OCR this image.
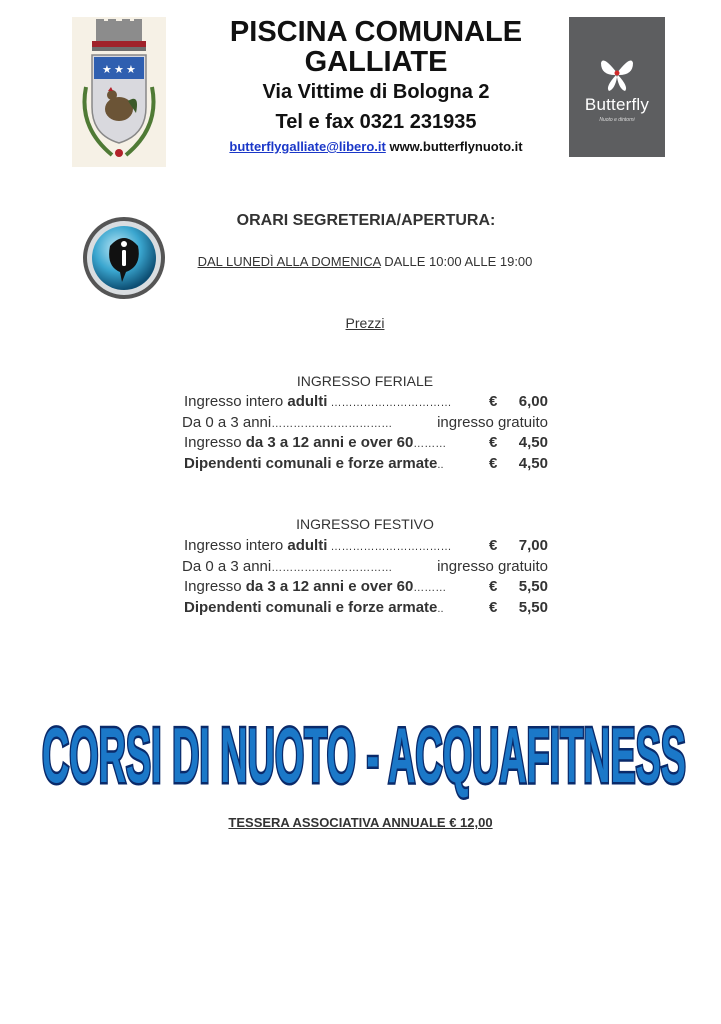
★ ★ ★
PISCINA COMUNALE
GALLIATE
Via Vittime di Bologna 2
Tel e fax 0321 231935
butterflygalliate@libero.it www.butterflynuoto.it
Butterfly
Nuoto e dintorni
ORARI SEGRETERIA/APERTURA:
DAL LUNEDÌ ALLA DOMENICA DALLE 10:00 ALLE 19:00
Prezzi
INGRESSO FERIALE
Ingresso intero adulti ……………………………	€	6,00
Da 0 a 3 anni……………………………	ingresso gratuito
Ingresso da 3 a 12 anni e over 60………	€	4,50
Dipendenti comunali e forze armate..	€	4,50
INGRESSO FESTIVO
Ingresso intero adulti ……………………………	€	7,00
Da 0 a 3 anni……………………………	ingresso gratuito
Ingresso da 3 a 12 anni e over 60………	€	5,50
Dipendenti comunali e forze armate..	€	5,50
CORSI DI NUOTO - ACQUAFITNESS
TESSERA ASSOCIATIVA ANNUALE € 12,00
